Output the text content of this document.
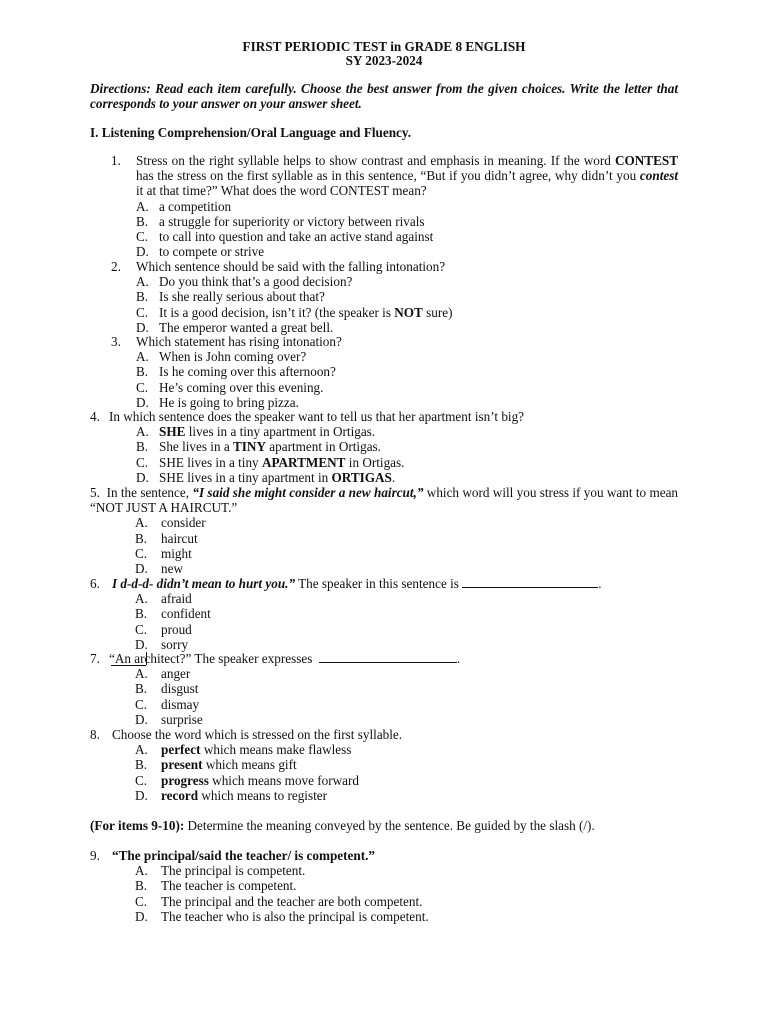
FIRST PERIODIC TEST in GRADE 8 ENGLISH
SY 2023-2024
Directions: Read each item carefully. Choose the best answer from the given choices. Write the letter that corresponds to your answer on your answer sheet.
I. Listening Comprehension/Oral Language and Fluency.
1.	Stress on the right syllable helps to show contrast and emphasis in meaning. If the word CONTEST has the stress on the first syllable as in this sentence, “But if you didn’t agree, why didn’t you contest it at that time?” What does the word CONTEST mean?
A. a competition
B. a struggle for superiority or victory between rivals
C. to call into question and take an active stand against
D. to compete or strive
2.	Which sentence should be said with the falling intonation?
A. Do you think that’s a good decision?
B. Is she really serious about that?
C. It is a good decision, isn’t it? (the speaker is NOT sure)
D. The emperor wanted a great bell.
3.	Which statement has rising intonation?
A. When is John coming over?
B. Is he coming over this afternoon?
C. He’s coming over this evening.
D. He is going to bring pizza.
4. In which sentence does the speaker want to tell us that her apartment isn’t big?
A. SHE lives in a tiny apartment in Ortigas.
B. She lives in a TINY apartment in Ortigas.
C. SHE lives in a tiny APARTMENT in Ortigas.
D. SHE lives in a tiny apartment in ORTIGAS.
5. In the sentence, “I said she might consider a new haircut,” which word will you stress if you want to mean “NOT JUST A HAIRCUT.”
A. consider
B.	haircut
C.	might
D. new
6. I d-d-d- didn’t mean to hurt you.” The speaker in this sentence is	.
A. afraid
B.	confident
C.	proud
D. sorry
7. “An architect?” The speaker expresses	.
A. anger
B.	disgust
C.	dismay
D. surprise
8. Choose the word which is stressed on the first syllable.
A. perfect which means make flawless
B.	present which means gift
C.	progress which means move forward
D. record which means to register
(For items 9-10): Determine the meaning conveyed by the sentence. Be guided by the slash (/).
9. “The principal/said the teacher/ is competent.”
A. The principal is competent.
B.	The teacher is competent.
C.	The principal and the teacher are both competent.
D. The teacher who is also the principal is competent.
